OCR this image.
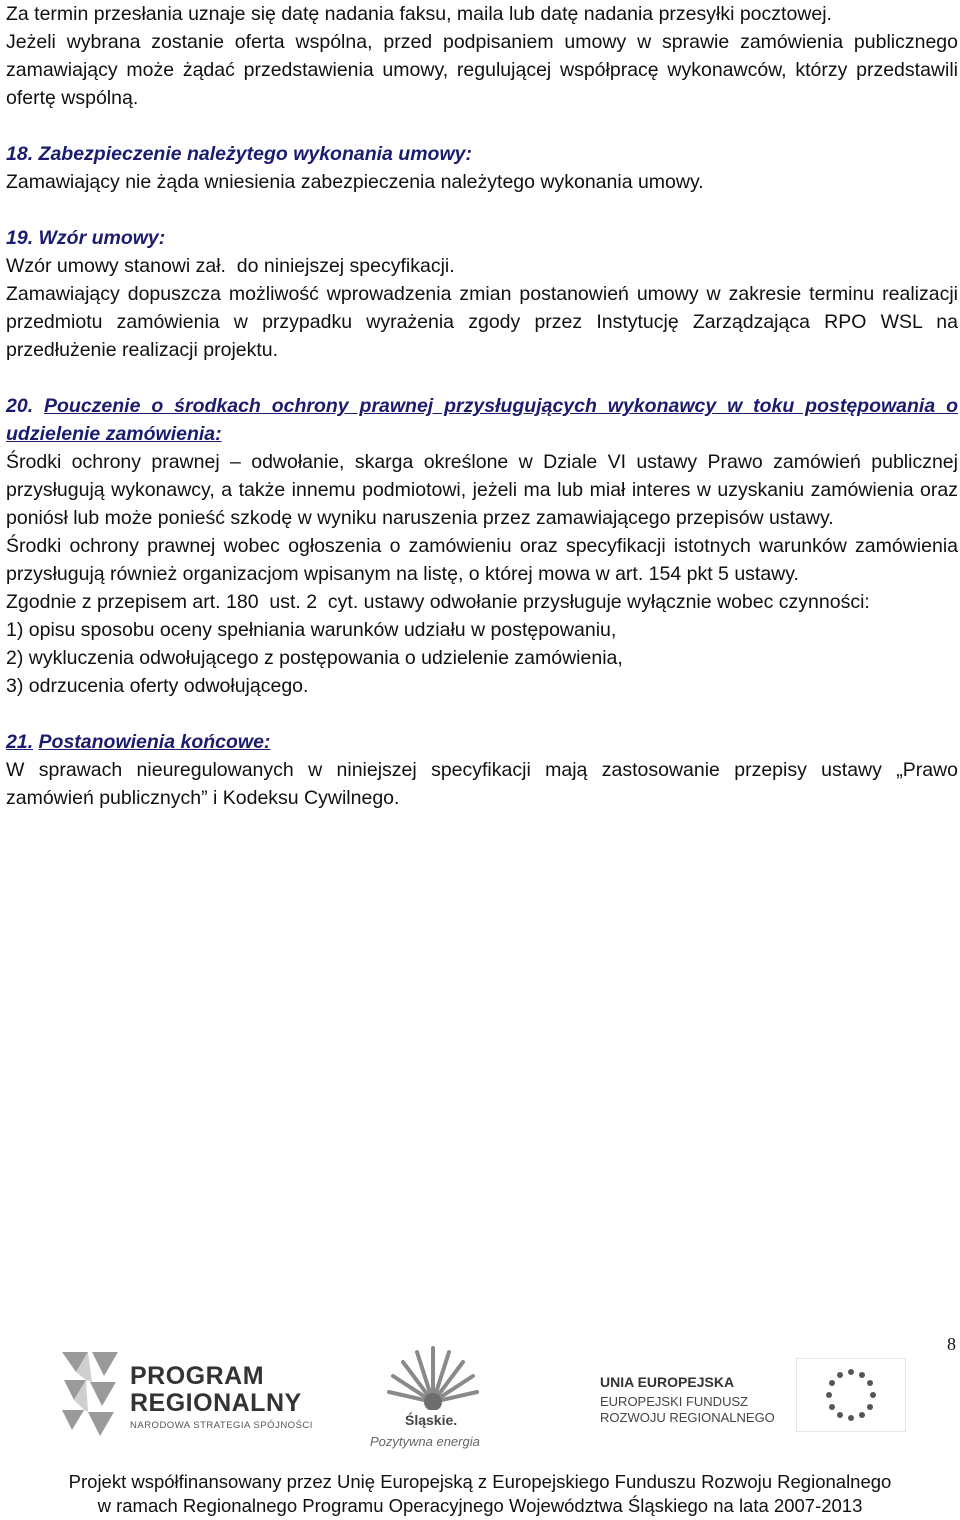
Za termin przesłania uznaje się datę nadania faksu, maila lub datę nadania przesyłki pocztowej.

Jeżeli wybrana zostanie oferta wspólna, przed podpisaniem umowy w sprawie zamówienia publicznego zamawiający może żądać przedstawienia umowy, regulującej współpracę wykonawców, którzy przedstawili ofertę wspólną.

18. Zabezpieczenie należytego wykonania umowy:

Zamawiający nie żąda wniesienia zabezpieczenia należytego wykonania umowy.

19. Wzór umowy:

Wzór umowy stanowi zał.  do niniejszej specyfikacji.

Zamawiający dopuszcza możliwość wprowadzenia zmian postanowień umowy w zakresie terminu realizacji przedmiotu zamówienia w przypadku wyrażenia zgody przez Instytucję Zarządzająca RPO WSL na przedłużenie realizacji projektu.

20. Pouczenie o środkach ochrony prawnej przysługujących wykonawcy w toku postępowania o udzielenie zamówienia:

Środki ochrony prawnej – odwołanie, skarga określone w Dziale VI ustawy Prawo zamówień publicznej przysługują wykonawcy, a także innemu podmiotowi, jeżeli ma lub miał interes w uzyskaniu zamówienia oraz poniósł lub może ponieść szkodę w wyniku naruszenia przez zamawiającego przepisów ustawy.

Środki ochrony prawnej wobec ogłoszenia o zamówieniu oraz specyfikacji istotnych warunków zamówienia przysługują również organizacjom wpisanym na listę, o której mowa w art. 154 pkt 5 ustawy.

Zgodnie z przepisem art. 180  ust. 2  cyt. ustawy odwołanie przysługuje wyłącznie wobec czynności:

1) opisu sposobu oceny spełniania warunków udziału w postępowaniu,

2) wykluczenia odwołującego z postępowania o udzielenie zamówienia,

3) odrzucenia oferty odwołującego.

21. Postanowienia końcowe:

W sprawach nieuregulowanych w niniejszej specyfikacji mają zastosowanie przepisy ustawy „Prawo zamówień publicznych” i Kodeksu Cywilnego.

8
PROGRAM
REGIONALNY
NARODOWA STRATEGIA SPÓJNOŚCI	Śląskie.
Pozytywna energia
UNIA EUROPEJSKA
EUROPEJSKI FUNDUSZ
ROZWOJU REGIONALNEGO
Projekt współfinansowany przez Unię Europejską z Europejskiego Funduszu Rozwoju Regionalnego
w ramach Regionalnego Programu Operacyjnego Województwa Śląskiego na lata 2007-2013
